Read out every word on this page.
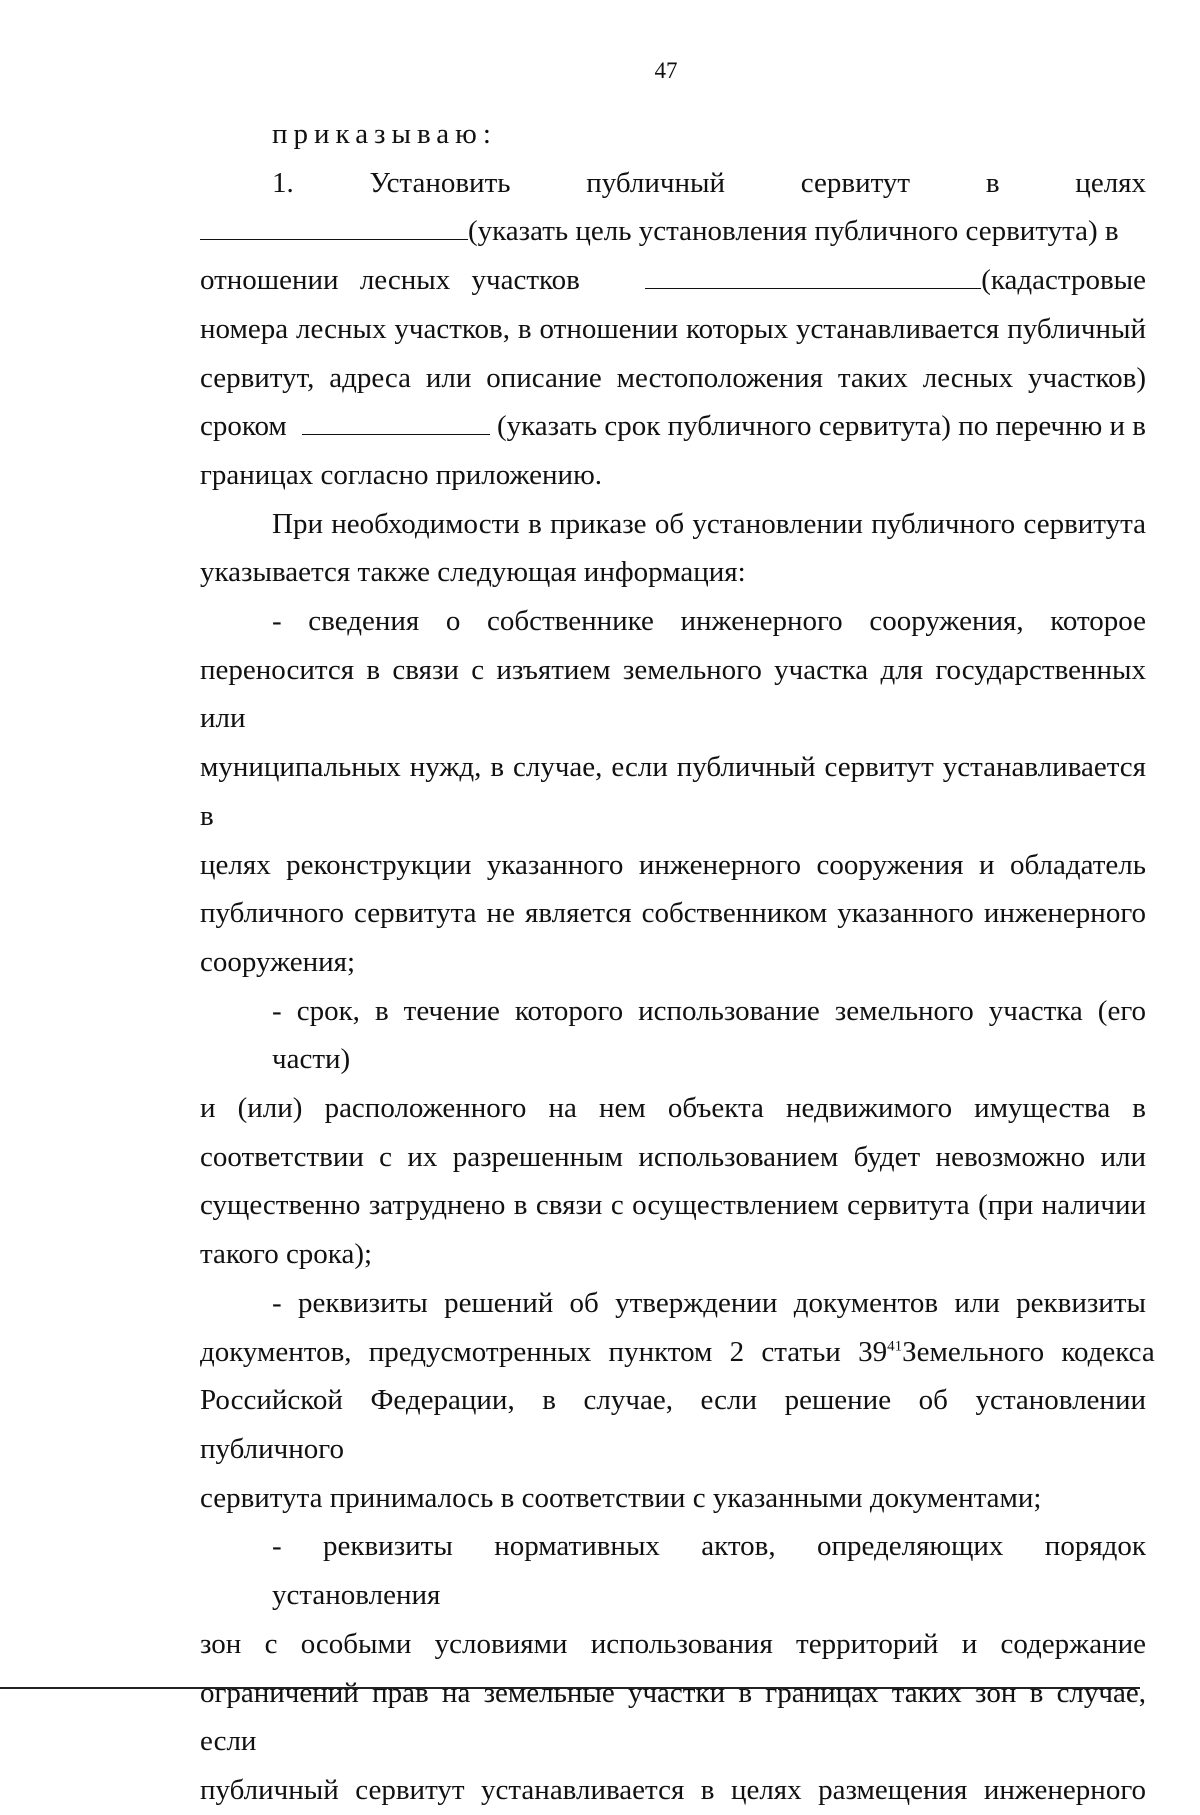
47
приказываю:
1.	Установить	публичный	сервитут	в	целях
(указать цель установления публичного сервитута) в
отношении лесных участков	(кадастровые
номера лесных участков, в отношении которых устанавливается публичный
сервитут, адреса или описание местоположения таких лесных участков)
сроком	(указать срок публичного сервитута) по перечню и в
границах согласно приложению.
При необходимости в приказе об установлении публичного сервитута
указывается также следующая информация:
- сведения о собственнике инженерного сооружения, которое
переносится в связи с изъятием земельного участка для государственных или
муниципальных нужд, в случае, если публичный сервитут устанавливается в
целях реконструкции указанного инженерного сооружения и обладатель
публичного сервитута не является собственником указанного инженерного
сооружения;
- срок, в течение которого использование земельного участка (его части)
и (или) расположенного на нем объекта недвижимого имущества в
соответствии с их разрешенным использованием будет невозможно или
существенно затруднено в связи с осуществлением сервитута (при наличии
такого срока);
- реквизиты решений об утверждении документов или реквизиты
документов, предусмотренных пунктом 2 статьи $39^{41}$ Земельного кодекса
Российской Федерации, в случае, если решение об установлении публичного
сервитута принималось в соответствии с указанными документами;
- реквизиты нормативных актов, определяющих порядок установления
зон с особыми условиями использования территорий и содержание
ограничений прав на земельные участки в границах таких зон в случае, если
публичный сервитут устанавливается в целях размещения инженерного
